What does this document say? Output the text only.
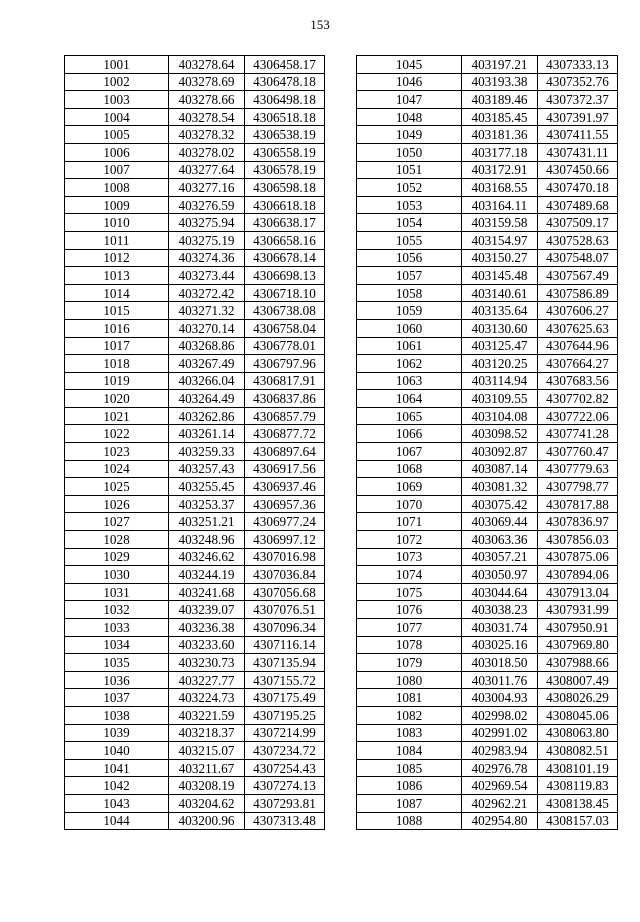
153
1001	403278.64	4306458.17
1002	403278.69	4306478.18
1003	403278.66	4306498.18
1004	403278.54	4306518.18
1005	403278.32	4306538.19
1006	403278.02	4306558.19
1007	403277.64	4306578.19
1008	403277.16	4306598.18
1009	403276.59	4306618.18
1010	403275.94	4306638.17
1011	403275.19	4306658.16
1012	403274.36	4306678.14
1013	403273.44	4306698.13
1014	403272.42	4306718.10
1015	403271.32	4306738.08
1016	403270.14	4306758.04
1017	403268.86	4306778.01
1018	403267.49	4306797.96
1019	403266.04	4306817.91
1020	403264.49	4306837.86
1021	403262.86	4306857.79
1022	403261.14	4306877.72
1023	403259.33	4306897.64
1024	403257.43	4306917.56
1025	403255.45	4306937.46
1026	403253.37	4306957.36
1027	403251.21	4306977.24
1028	403248.96	4306997.12
1029	403246.62	4307016.98
1030	403244.19	4307036.84
1031	403241.68	4307056.68
1032	403239.07	4307076.51
1033	403236.38	4307096.34
1034	403233.60	4307116.14
1035	403230.73	4307135.94
1036	403227.77	4307155.72
1037	403224.73	4307175.49
1038	403221.59	4307195.25
1039	403218.37	4307214.99
1040	403215.07	4307234.72
1041	403211.67	4307254.43
1042	403208.19	4307274.13
1043	403204.62	4307293.81
1044	403200.96	4307313.48
1045	403197.21	4307333.13
1046	403193.38	4307352.76
1047	403189.46	4307372.37
1048	403185.45	4307391.97
1049	403181.36	4307411.55
1050	403177.18	4307431.11
1051	403172.91	4307450.66
1052	403168.55	4307470.18
1053	403164.11	4307489.68
1054	403159.58	4307509.17
1055	403154.97	4307528.63
1056	403150.27	4307548.07
1057	403145.48	4307567.49
1058	403140.61	4307586.89
1059	403135.64	4307606.27
1060	403130.60	4307625.63
1061	403125.47	4307644.96
1062	403120.25	4307664.27
1063	403114.94	4307683.56
1064	403109.55	4307702.82
1065	403104.08	4307722.06
1066	403098.52	4307741.28
1067	403092.87	4307760.47
1068	403087.14	4307779.63
1069	403081.32	4307798.77
1070	403075.42	4307817.88
1071	403069.44	4307836.97
1072	403063.36	4307856.03
1073	403057.21	4307875.06
1074	403050.97	4307894.06
1075	403044.64	4307913.04
1076	403038.23	4307931.99
1077	403031.74	4307950.91
1078	403025.16	4307969.80
1079	403018.50	4307988.66
1080	403011.76	4308007.49
1081	403004.93	4308026.29
1082	402998.02	4308045.06
1083	402991.02	4308063.80
1084	402983.94	4308082.51
1085	402976.78	4308101.19
1086	402969.54	4308119.83
1087	402962.21	4308138.45
1088	402954.80	4308157.03
